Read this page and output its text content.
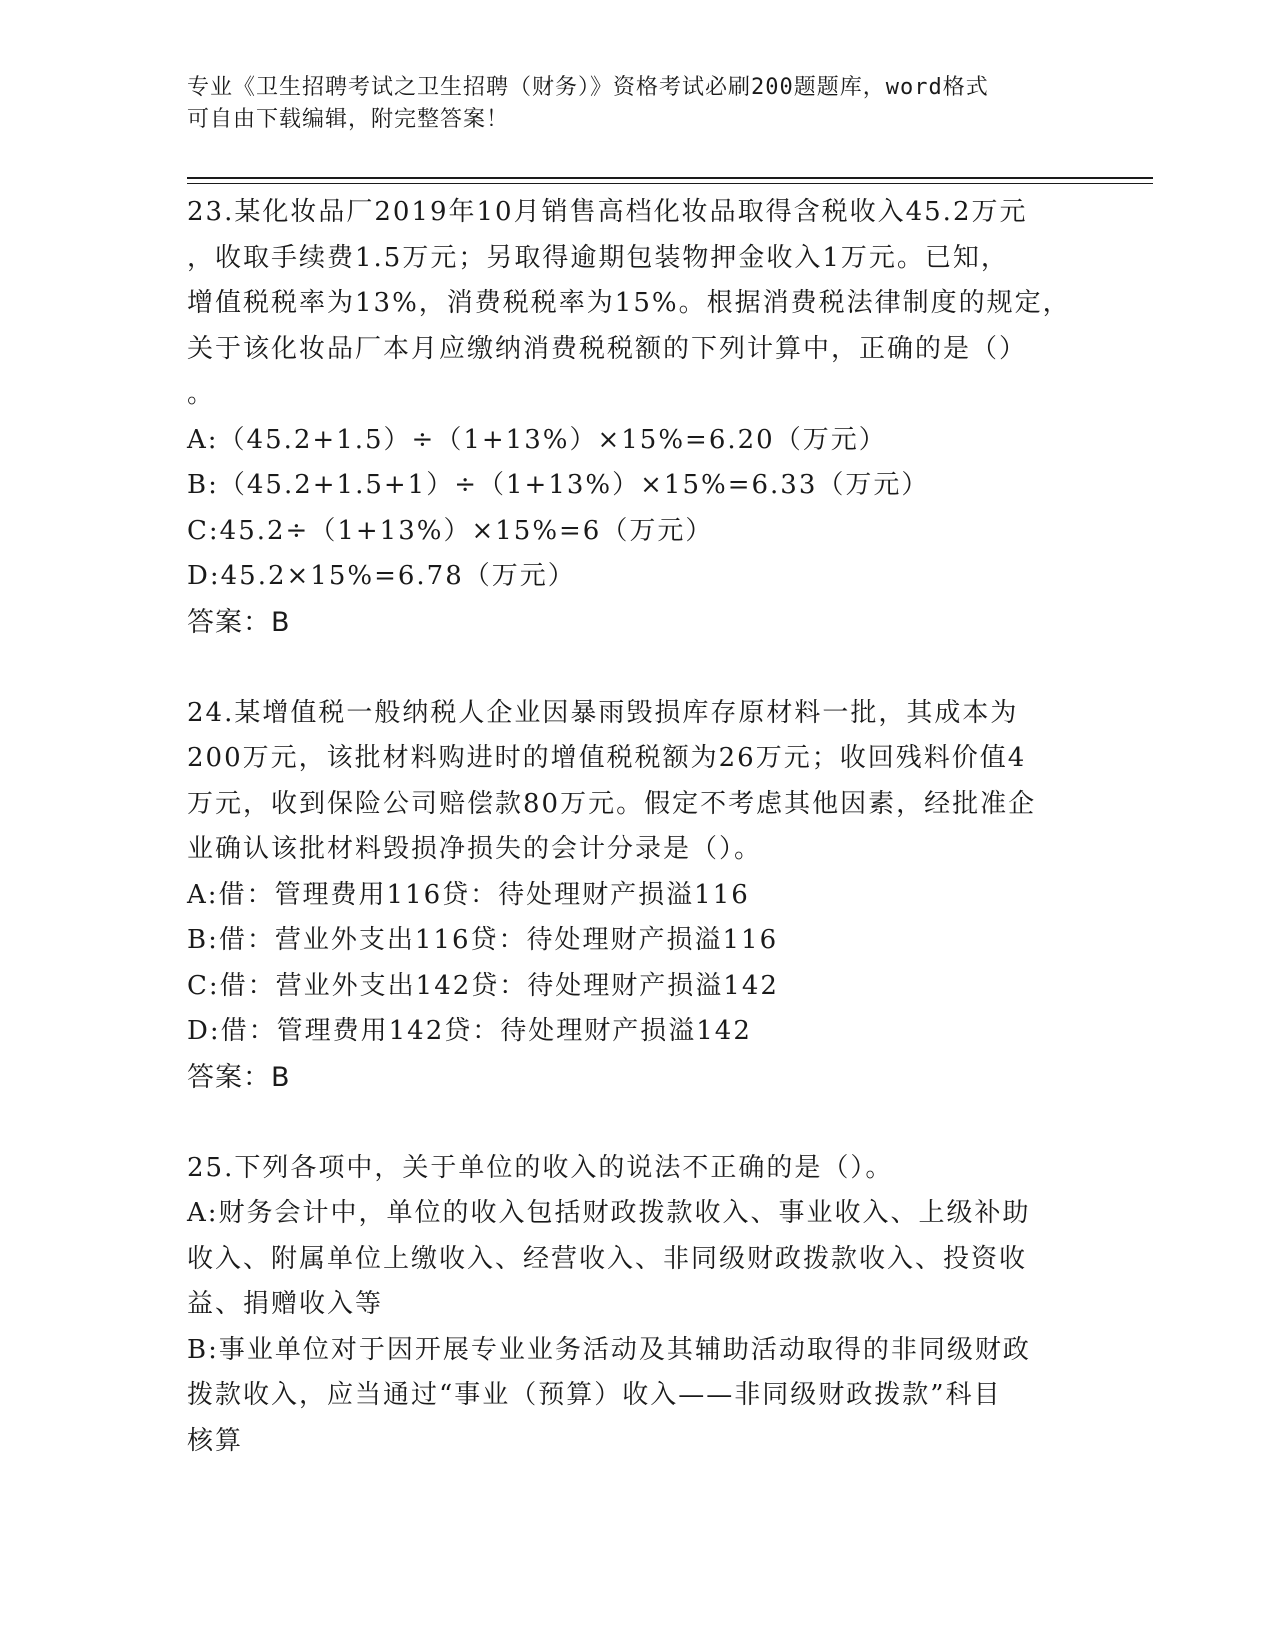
专业《卫生招聘考试之卫生招聘（财务）》资格考试必刷200题题库，word格式
可自由下载编辑，附完整答案！
23.某化妆品厂2019年10月销售高档化妆品取得含税收入45.2万元
，收取手续费1.5万元；另取得逾期包装物押金收入1万元。已知，
增值税税率为13%，消费税税率为15%。根据消费税法律制度的规定，
关于该化妆品厂本月应缴纳消费税税额的下列计算中，正确的是（）
。
A:（45.2+1.5）÷（1+13%）×15%=6.20（万元）
B:（45.2+1.5+1）÷（1+13%）×15%=6.33（万元）
C:45.2÷（1+13%）×15%=6（万元）
D:45.2×15%=6.78（万元）
答案：B
24.某增值税一般纳税人企业因暴雨毁损库存原材料一批，其成本为
200万元，该批材料购进时的增值税税额为26万元；收回残料价值4
万元，收到保险公司赔偿款80万元。假定不考虑其他因素，经批准企
业确认该批材料毁损净损失的会计分录是（）。
A:借：管理费用116贷：待处理财产损溢116
B:借：营业外支出116贷：待处理财产损溢116
C:借：营业外支出142贷：待处理财产损溢142
D:借：管理费用142贷：待处理财产损溢142
答案：B
25.下列各项中，关于单位的收入的说法不正确的是（）。
A:财务会计中，单位的收入包括财政拨款收入、事业收入、上级补助
收入、附属单位上缴收入、经营收入、非同级财政拨款收入、投资收
益、捐赠收入等
B:事业单位对于因开展专业业务活动及其辅助活动取得的非同级财政
拨款收入，应当通过“事业（预算）收入——非同级财政拨款”科目
核算
